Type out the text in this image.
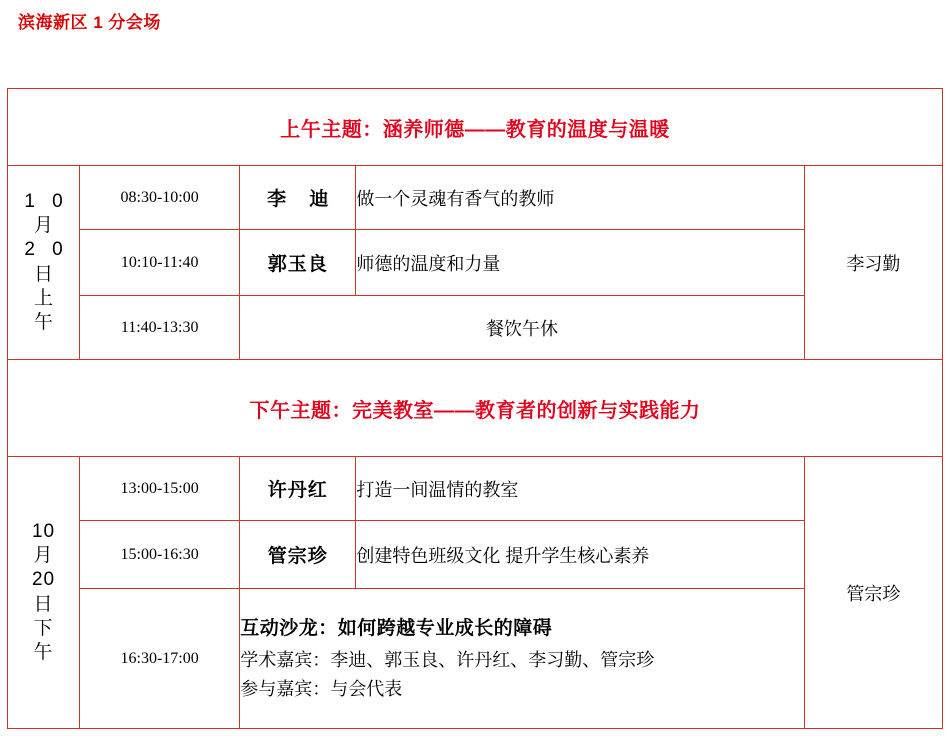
滨海新区 1 分会场
上午主题：涵养师德——教育的温度与温暖				

1 0
月
2 0
日
上
午
	08:30-10:00	李 迪	做一个灵魂有香气的教师	李习勤
	10:10-11:40	郭玉良	师德的温度和力量	
	11:40-13:30	餐饮午休		
下午主题：完美教室——教育者的创新与实践能力				

10
月
20
日
下
午
	13:00-15:00	许丹红	打造一间温情的教室	管宗珍
	15:00-16:30	管宗珍	创建特色班级文化 提升学生核心素养	
	16:30-17:00	互动沙龙：如何跨越专业成长的障碍
学术嘉宾：李迪、郭玉良、许丹红、李习勤、管宗珍
参与嘉宾：与会代表		
